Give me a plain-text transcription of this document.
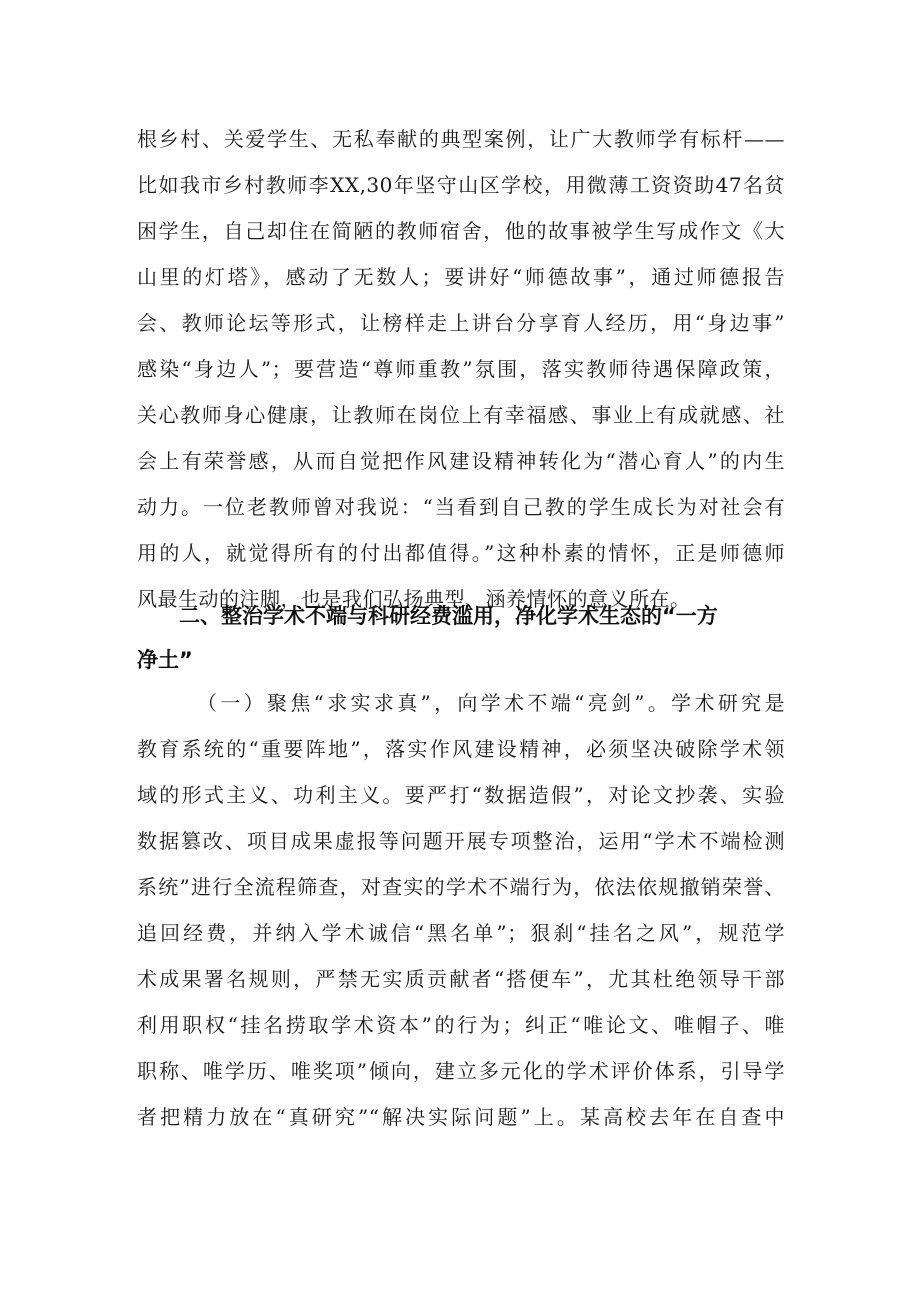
根乡村、关爱学生、无私奉献的典型案例，让广大教师学有标杆——
比如我市乡村教师李XX,30年坚守山区学校，用微薄工资资助47名贫
困学生，自己却住在简陋的教师宿舍，他的故事被学生写成作文《大
山里的灯塔》，感动了无数人；要讲好“师德故事”，通过师德报告
会、教师论坛等形式，让榜样走上讲台分享育人经历，用“身边事”
感染“身边人”；要营造“尊师重教”氛围，落实教师待遇保障政策，
关心教师身心健康，让教师在岗位上有幸福感、事业上有成就感、社
会上有荣誉感，从而自觉把作风建设精神转化为“潜心育人”的内生
动力。一位老教师曾对我说：“当看到自己教的学生成长为对社会有
用的人，就觉得所有的付出都值得。”这种朴素的情怀，正是师德师
风最生动的注脚，也是我们弘扬典型、涵养情怀的意义所在。
二、整治学术不端与科研经费滥用，净化学术生态的“一方
净土”
（一）聚焦“求实求真”，向学术不端“亮剑”。学术研究是
教育系统的“重要阵地”，落实作风建设精神，必须坚决破除学术领
域的形式主义、功利主义。要严打“数据造假”，对论文抄袭、实验
数据篡改、项目成果虚报等问题开展专项整治，运用“学术不端检测
系统”进行全流程筛查，对查实的学术不端行为，依法依规撤销荣誉、
追回经费，并纳入学术诚信“黑名单”；狠刹“挂名之风”，规范学
术成果署名规则，严禁无实质贡献者“搭便车”，尤其杜绝领导干部
利用职权“挂名捞取学术资本”的行为；纠正“唯论文、唯帽子、唯
职称、唯学历、唯奖项”倾向，建立多元化的学术评价体系，引导学
者把精力放在“真研究”“解决实际问题”上。某高校去年在自查中
